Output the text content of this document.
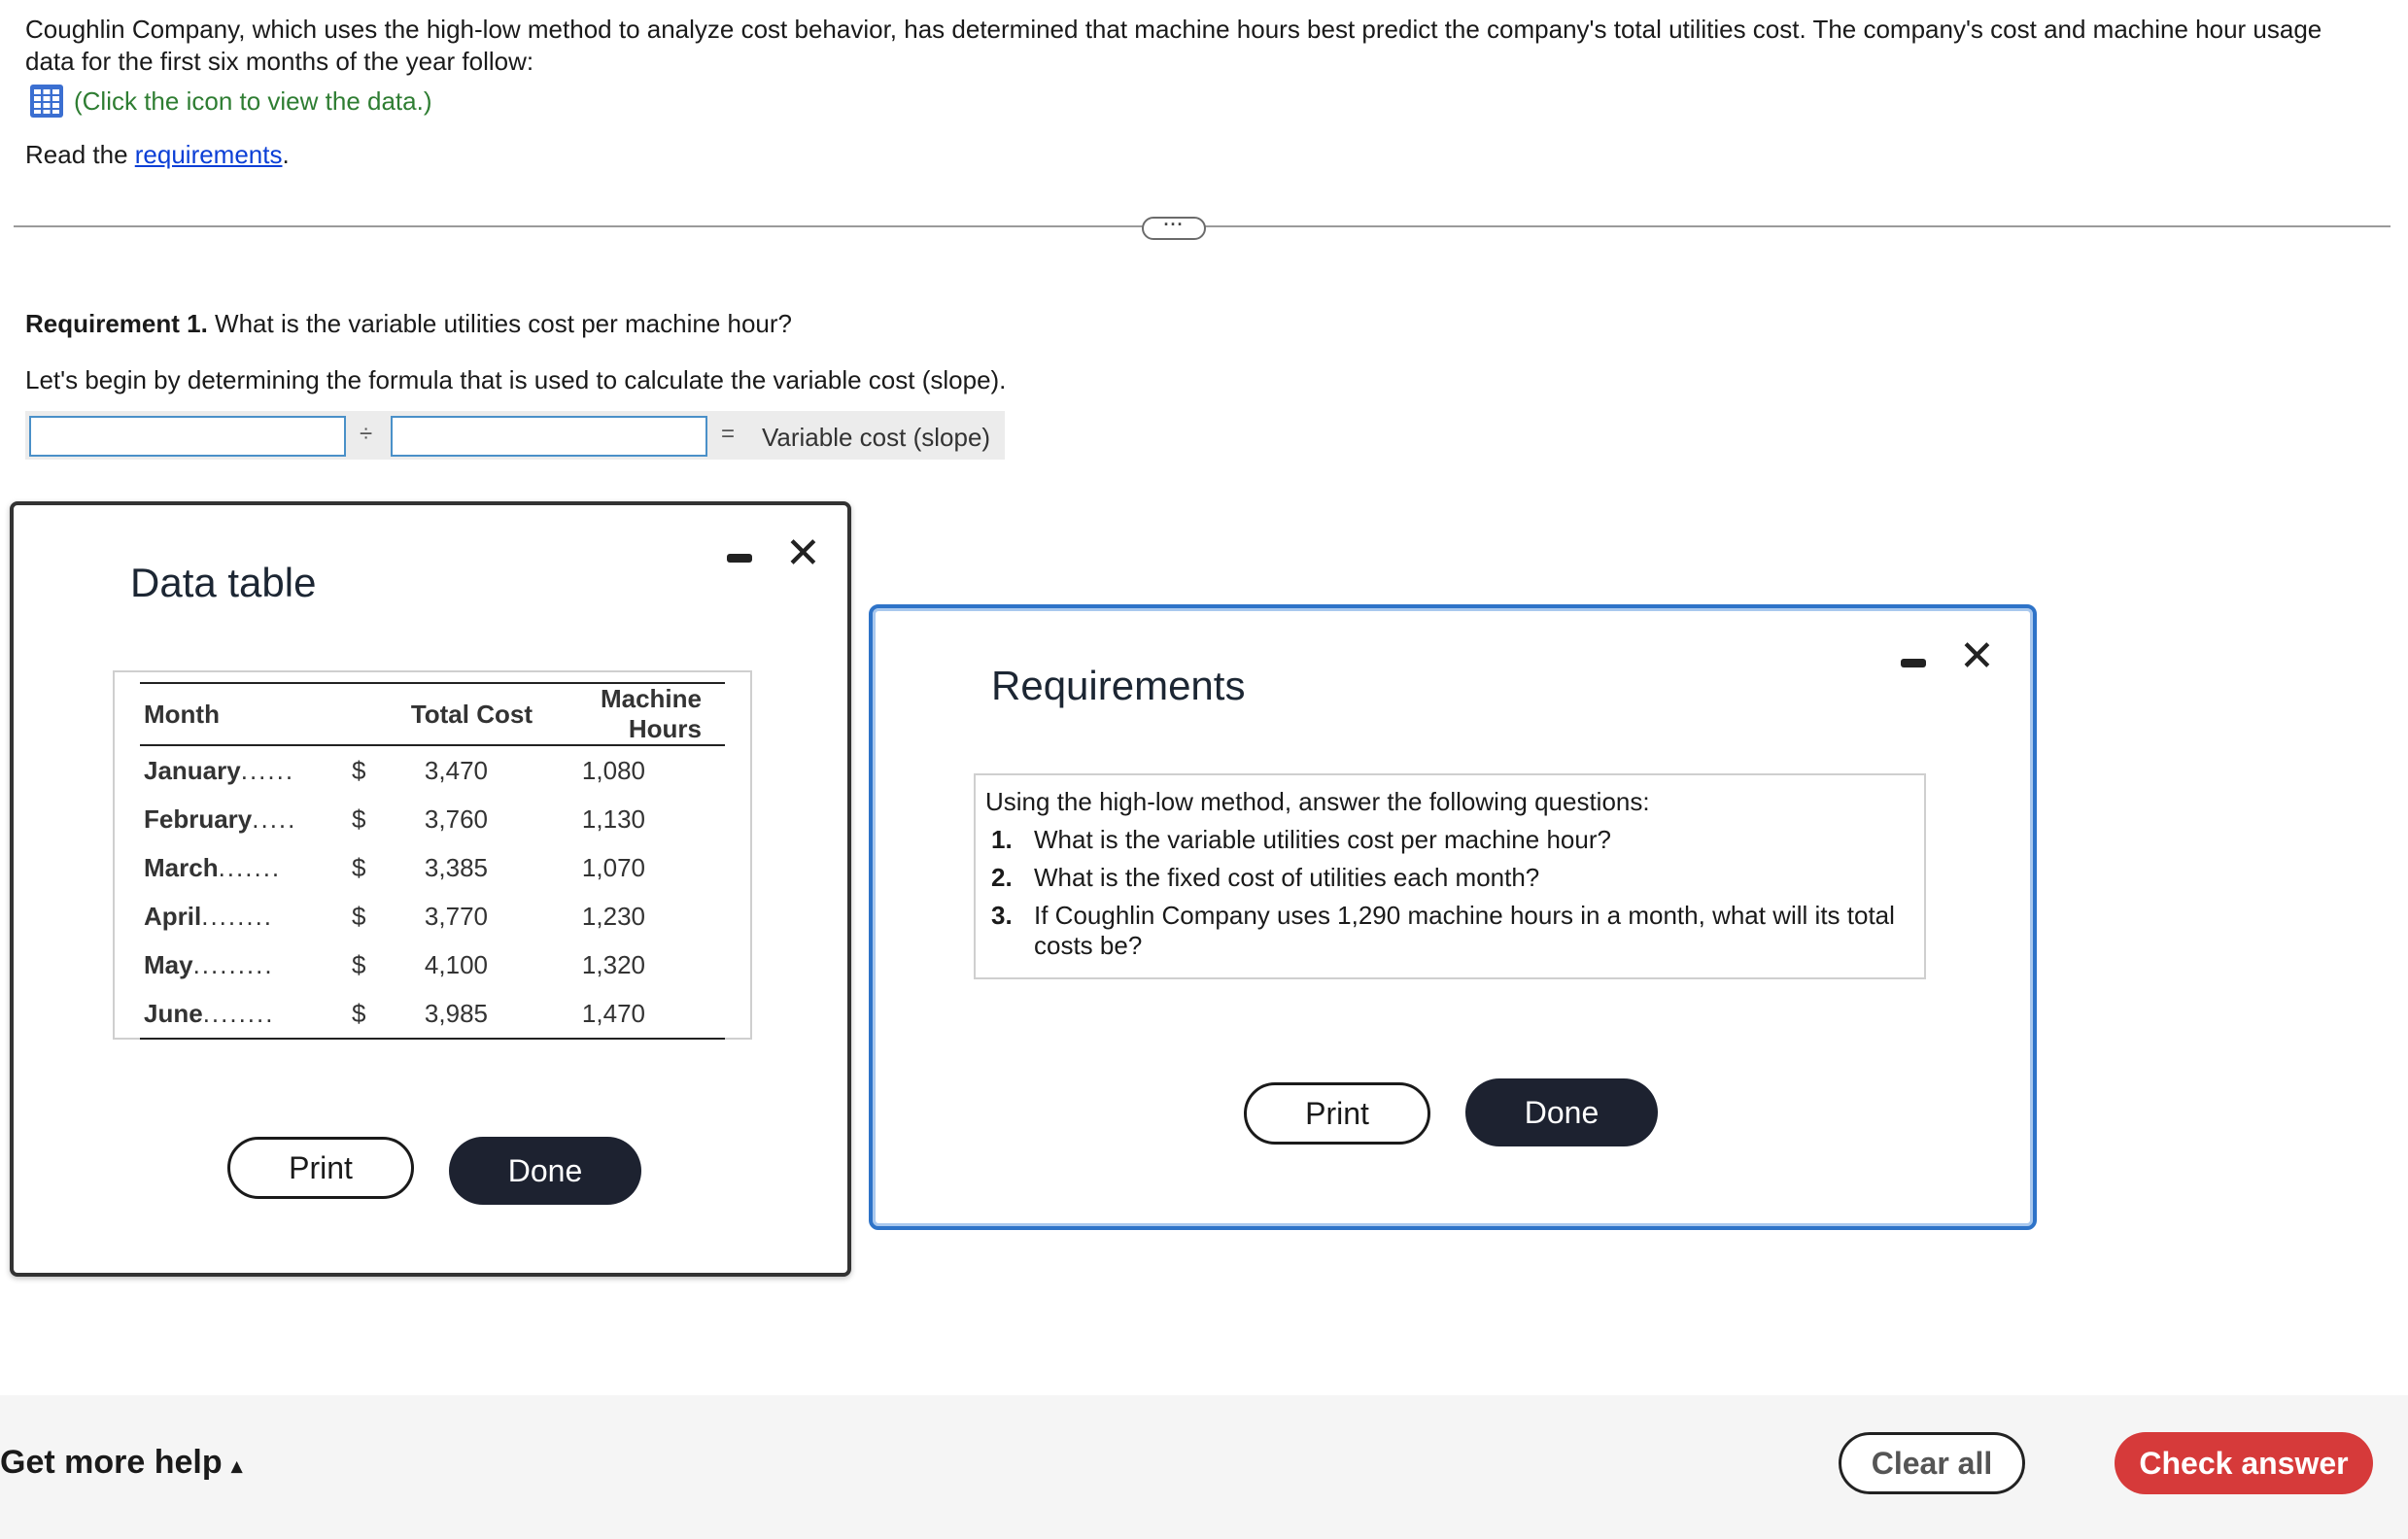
Coughlin Company, which uses the high-low method to analyze cost behavior, has determined that machine hours best predict the company's total utilities cost. The company's cost and machine hour usage data for the first six months of the year follow:
(Click the icon to view the data.)
Read the requirements.
···
Requirement 1. What is the variable utilities cost per machine hour?
Let's begin by determining the formula that is used to calculate the variable cost (slope).
÷	= Variable cost (slope)
Data table
✕
Month	Total Cost		Machine Hours
January......	$	3,470	1,080
February.....	$	3,760	1,130
March.......	$	3,385	1,070
April........	$	3,770	1,230
May.........	$	4,100	1,320
June........	$	3,985	1,470
Print	Done
Requirements
✕
Using the high-low method, answer the following questions:
1. What is the variable utilities cost per machine hour?
2. What is the fixed cost of utilities each month?
3. If Coughlin Company uses 1,290 machine hours in a month, what will its total costs be?
Print	Done
Get more help ▴	Clear all	Check answer
